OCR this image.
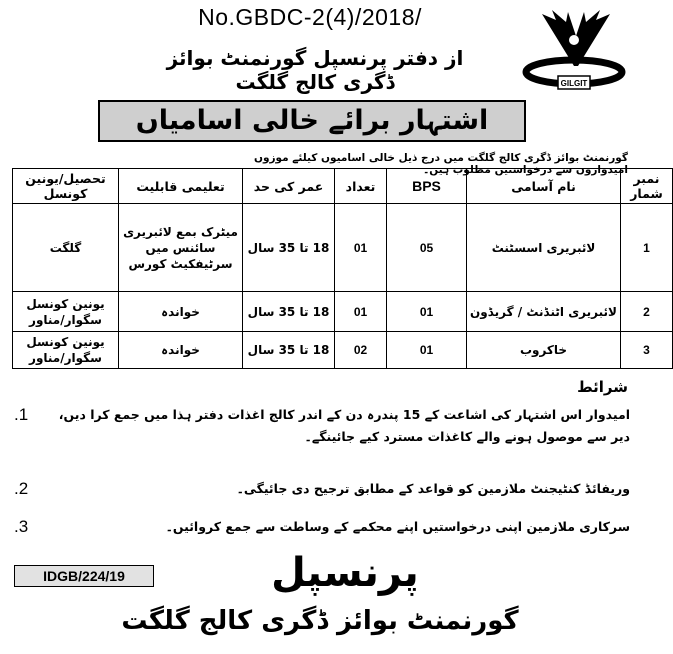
No.GBDC-2(4)/2018/
از دفتر پرنسپل گورنمنٹ بوائز ڈگری کالج گلگت	GILGIT
اشتہار برائے خالی اسامیاں
گورنمنٹ بوائز ڈگری کالج گلگت میں درج ذیل خالی اسامیوں کیلئے موزوں امیدواروں سے درخواستیں مطلوب ہیں۔
نمبر شمار	نام آسامی	BPS	تعداد	عمر کی حد	تعلیمی قابلیت	تحصیل/یونین کونسل
1	لائبریری اسسٹنٹ	05	01	18 تا 35 سال	میٹرک بمع لائبریری سائنس میں سرٹیفکیٹ کورس	گلگت
2	لائبریری اٹنڈنٹ / گریڈون	01	01	18 تا 35 سال	خواندہ	یونین کونسل سگوار/مناور
3	خاکروب	01	02	18 تا 35 سال	خواندہ	یونین کونسل سگوار/مناور
شرائط
1.	امیدوار اس اشتہار کی اشاعت کے 15 پندرہ دن کے اندر کالج اغذات دفتر ہذا میں جمع کرا دیں، دیر سے موصول ہونے والے کاغذات مسترد کیے جائینگے۔
2.	وریفائڈ کنٹیجنٹ ملازمین کو قواعد کے مطابق ترجیح دی جائیگی۔
3.	سرکاری ملازمین اپنی درخواستیں اپنے محکمے کے وساطت سے جمع کروائیں۔
IDGB/224/19	پرنسپل
گورنمنٹ بوائز ڈگری کالج گلگت
